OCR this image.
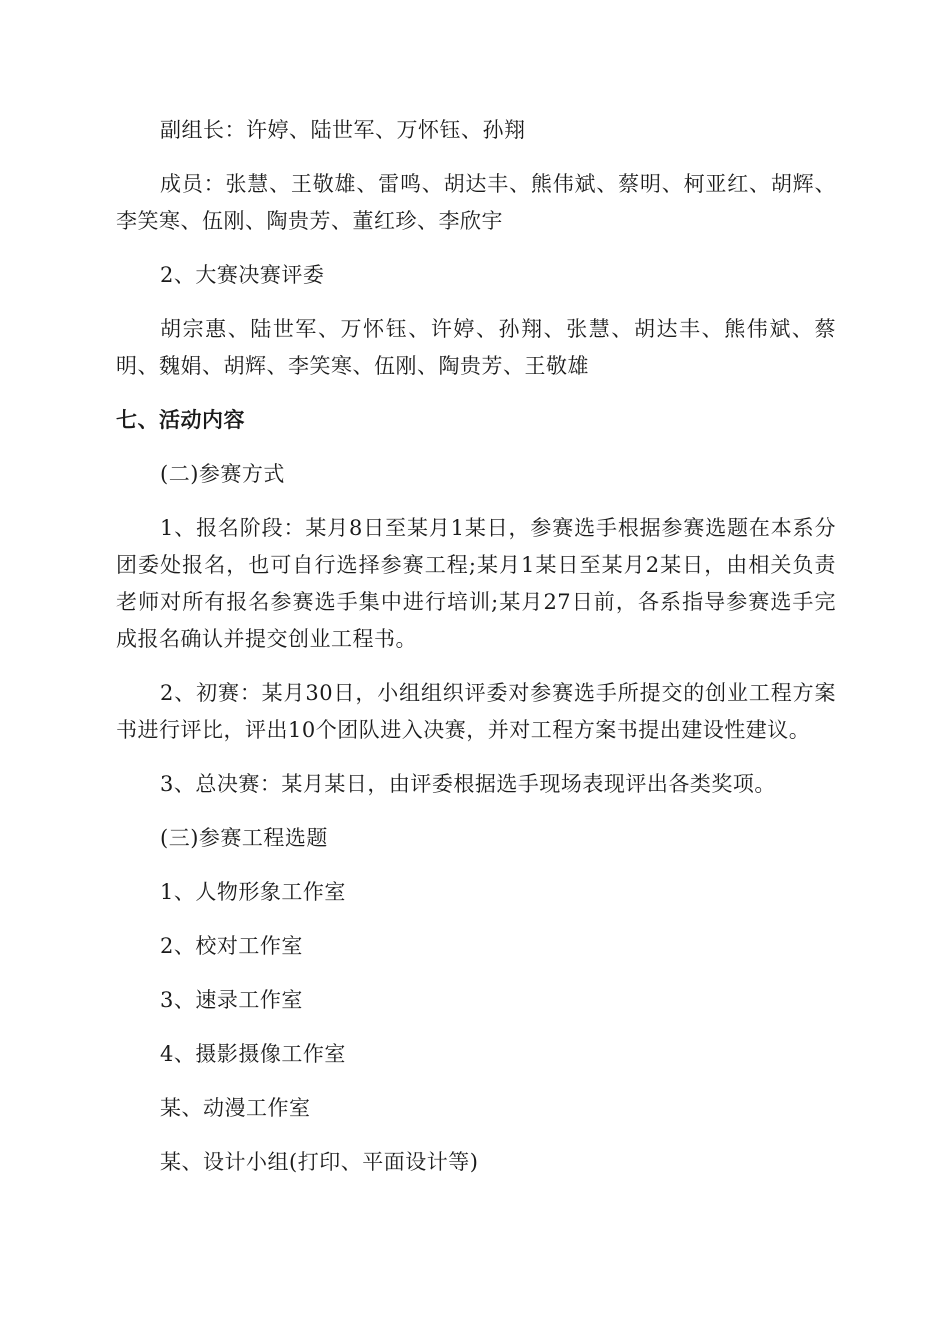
副组长：许婷、陆世军、万怀钰、孙翔

成员：张慧、王敬雄、雷鸣、胡达丰、熊伟斌、蔡明、柯亚红、胡辉、李笑寒、伍刚、陶贵芳、董红珍、李欣宇

2、大赛决赛评委

胡宗惠、陆世军、万怀钰、许婷、孙翔、张慧、胡达丰、熊伟斌、蔡明、魏娟、胡辉、李笑寒、伍刚、陶贵芳、王敬雄

七、活动内容

(二)参赛方式

1、报名阶段：某月8日至某月1某日，参赛选手根据参赛选题在本系分团委处报名，也可自行选择参赛工程;某月1某日至某月2某日，由相关负责老师对所有报名参赛选手集中进行培训;某月27日前，各系指导参赛选手完成报名确认并提交创业工程书。

2、初赛：某月30日，小组组织评委对参赛选手所提交的创业工程方案书进行评比，评出10个团队进入决赛，并对工程方案书提出建设性建议。

3、总决赛：某月某日，由评委根据选手现场表现评出各类奖项。

(三)参赛工程选题

1、人物形象工作室

2、校对工作室

3、速录工作室

4、摄影摄像工作室

某、动漫工作室

某、设计小组(打印、平面设计等)
